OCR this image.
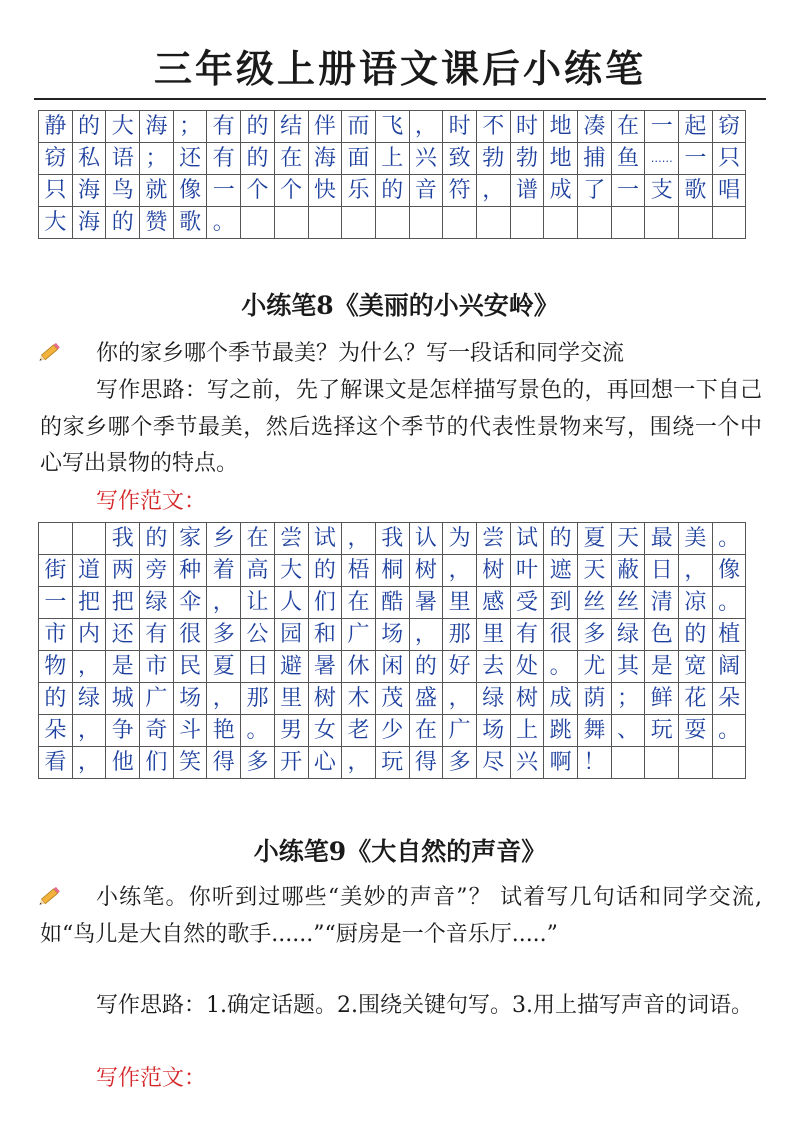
三年级上册语文课后小练笔
静	的	大	海	；	有	的	结	伴	而	飞	，	时	不	时	地	凑	在	一	起	窃
窃	私	语	；	还	有	的	在	海	面	上	兴	致	勃	勃	地	捕	鱼	……	一	只
只	海	鸟	就	像	一	个	个	快	乐	的	音	符	，	谱	成	了	一	支	歌	唱
大	海	的	赞	歌	。															
小练笔8《美丽的小兴安岭》
你的家乡哪个季节最美？为什么？写一段话和同学交流
写作思路：写之前，先了解课文是怎样描写景色的，再回想一下自己的家乡哪个季节最美，然后选择这个季节的代表性景物来写，围绕一个中心写出景物的特点。
写作范文：
		我	的	家	乡	在	尝	试	，	我	认	为	尝	试	的	夏	天	最	美	。
街	道	两	旁	种	着	高	大	的	梧	桐	树	，	树	叶	遮	天	蔽	日	，	像
一	把	把	绿	伞	，	让	人	们	在	酷	暑	里	感	受	到	丝	丝	清	凉	。
市	内	还	有	很	多	公	园	和	广	场	，	那	里	有	很	多	绿	色	的	植
物	，	是	市	民	夏	日	避	暑	休	闲	的	好	去	处	。	尤	其	是	宽	阔
的	绿	城	广	场	，	那	里	树	木	茂	盛	，	绿	树	成	荫	；	鲜	花	朵
朵	，	争	奇	斗	艳	。	男	女	老	少	在	广	场	上	跳	舞	、	玩	耍	。
看	，	他	们	笑	得	多	开	心	，	玩	得	多	尽	兴	啊	！				
小练笔9《大自然的声音》
小练笔。你听到过哪些“美妙的声音”？ 试着写几句话和同学交流,如“鸟儿是大自然的歌手......”“厨房是一个音乐厅.....”
写作思路：1.确定话题。2.围绕关键句写。3.用上描写声音的词语。
写作范文：
